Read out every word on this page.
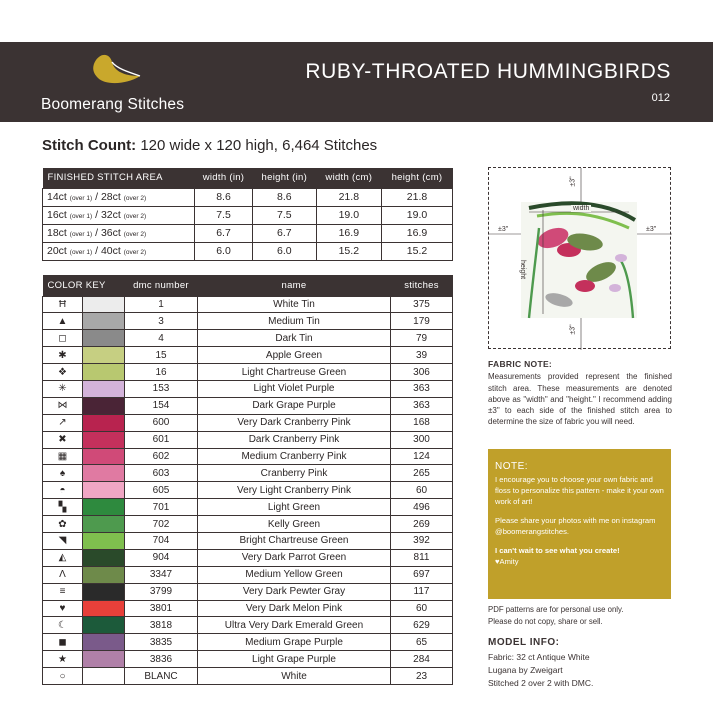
Boomerang Stitches
RUBY-THROATED HUMMINGBIRDS
012
Stitch Count: 120 wide x 120 high, 6,464 Stitches
FINISHED STITCH AREA	width (in)	height (in)	width (cm)	height (cm)
14ct (over 1) / 28ct (over 2)	8.6	8.6	21.8	21.8
16ct (over 1) / 32ct (over 2)	7.5	7.5	19.0	19.0
18ct (over 1) / 36ct (over 2)	6.7	6.7	16.9	16.9
20ct (over 1) / 40ct (over 2)	6.0	6.0	15.2	15.2
COLOR KEY		dmc number	name	stitches
Ħ		1	White Tin	375
▲		3	Medium Tin	179
◻		4	Dark Tin	79
✱		15	Apple Green	39
❖		16	Light Chartreuse Green	306
✳		153	Light Violet Purple	363
⋈		154	Dark Grape Purple	363
↗		600	Very Dark Cranberry Pink	168
✖		601	Dark Cranberry Pink	300
▦		602	Medium Cranberry Pink	124
♠		603	Cranberry Pink	265
◓		605	Very Light Cranberry Pink	60
▚		701	Light Green	496
✿		702	Kelly Green	269
◥		704	Bright Chartreuse Green	392
◭		904	Very Dark Parrot Green	811
Λ		3347	Medium Yellow Green	697
≡		3799	Very Dark Pewter Gray	117
♥		3801	Very Dark Melon Pink	60
☾		3818	Ultra Very Dark Emerald Green	629
◼		3835	Medium Grape Purple	65
★		3836	Light Grape Purple	284
○		BLANC	White	23
width
height
±3"
±3"
±3"	±3"
FABRIC NOTE:
Measurements provided represent the finished stitch area. These measurements are denoted above as "width" and "height." I recommend adding ±3" to each side of the finished stitch area to determine the size of fabric you will need.
NOTE:

I encourage you to choose your own fabric and floss to personalize this pattern - make it your own work of art!

Please share your photos with me on instagram @boomerangstitches.

I can't wait to see what you create!
♥Amity
PDF patterns are for personal use only.
Please do not copy, share or sell.
MODEL INFO:
Fabric: 32 ct Antique White
Lugana by Zweigart
Stitched 2 over 2 with DMC.
